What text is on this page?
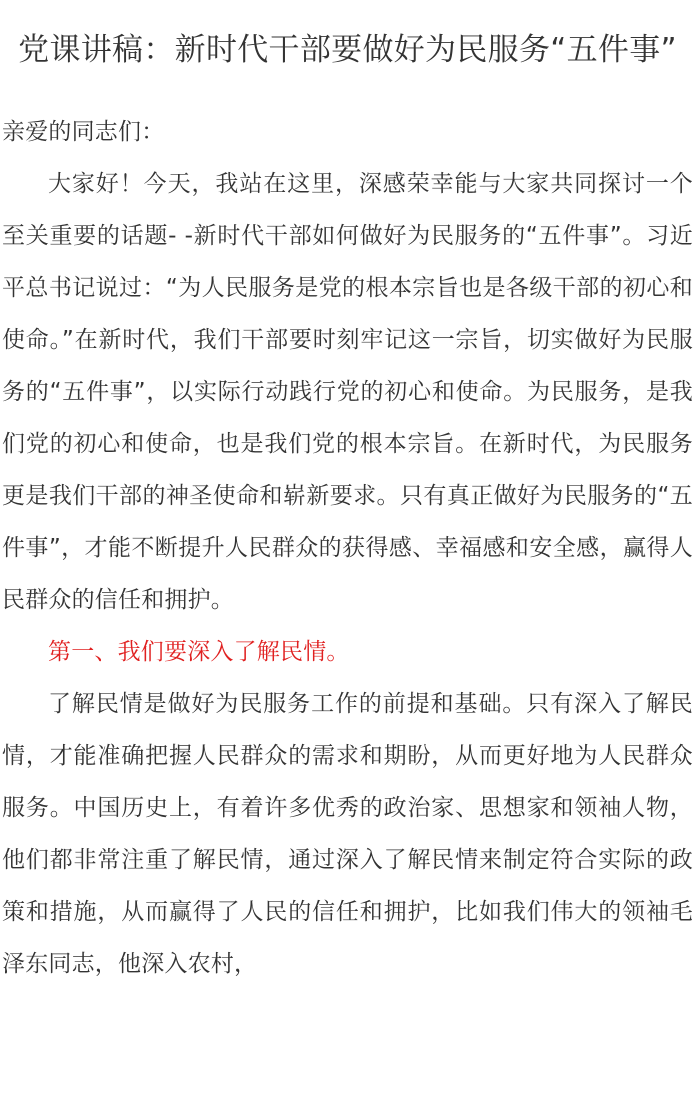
党课讲稿：新时代干部要做好为民服务“五件事”

亲爱的同志们：

大家好！今天，我站在这里，深感荣幸能与大家共同探讨一个至关重要的话题- -新时代干部如何做好为民服务的“五件事”。习近平总书记说过：“为人民服务是党的根本宗旨也是各级干部的初心和使命。”在新时代，我们干部要时刻牢记这一宗旨，切实做好为民服务的“五件事”，以实际行动践行党的初心和使命。为民服务，是我们党的初心和使命，也是我们党的根本宗旨。在新时代，为民服务更是我们干部的神圣使命和崭新要求。只有真正做好为民服务的“五件事”，才能不断提升人民群众的获得感、幸福感和安全感，赢得人民群众的信任和拥护。

第一、我们要深入了解民情。

了解民情是做好为民服务工作的前提和基础。只有深入了解民情，才能准确把握人民群众的需求和期盼，从而更好地为人民群众服务。中国历史上，有着许多优秀的政治家、思想家和领袖人物，他们都非常注重了解民情，通过深入了解民情来制定符合实际的政策和措施，从而赢得了人民的信任和拥护，比如我们伟大的领袖毛泽东同志，他深入农村，
